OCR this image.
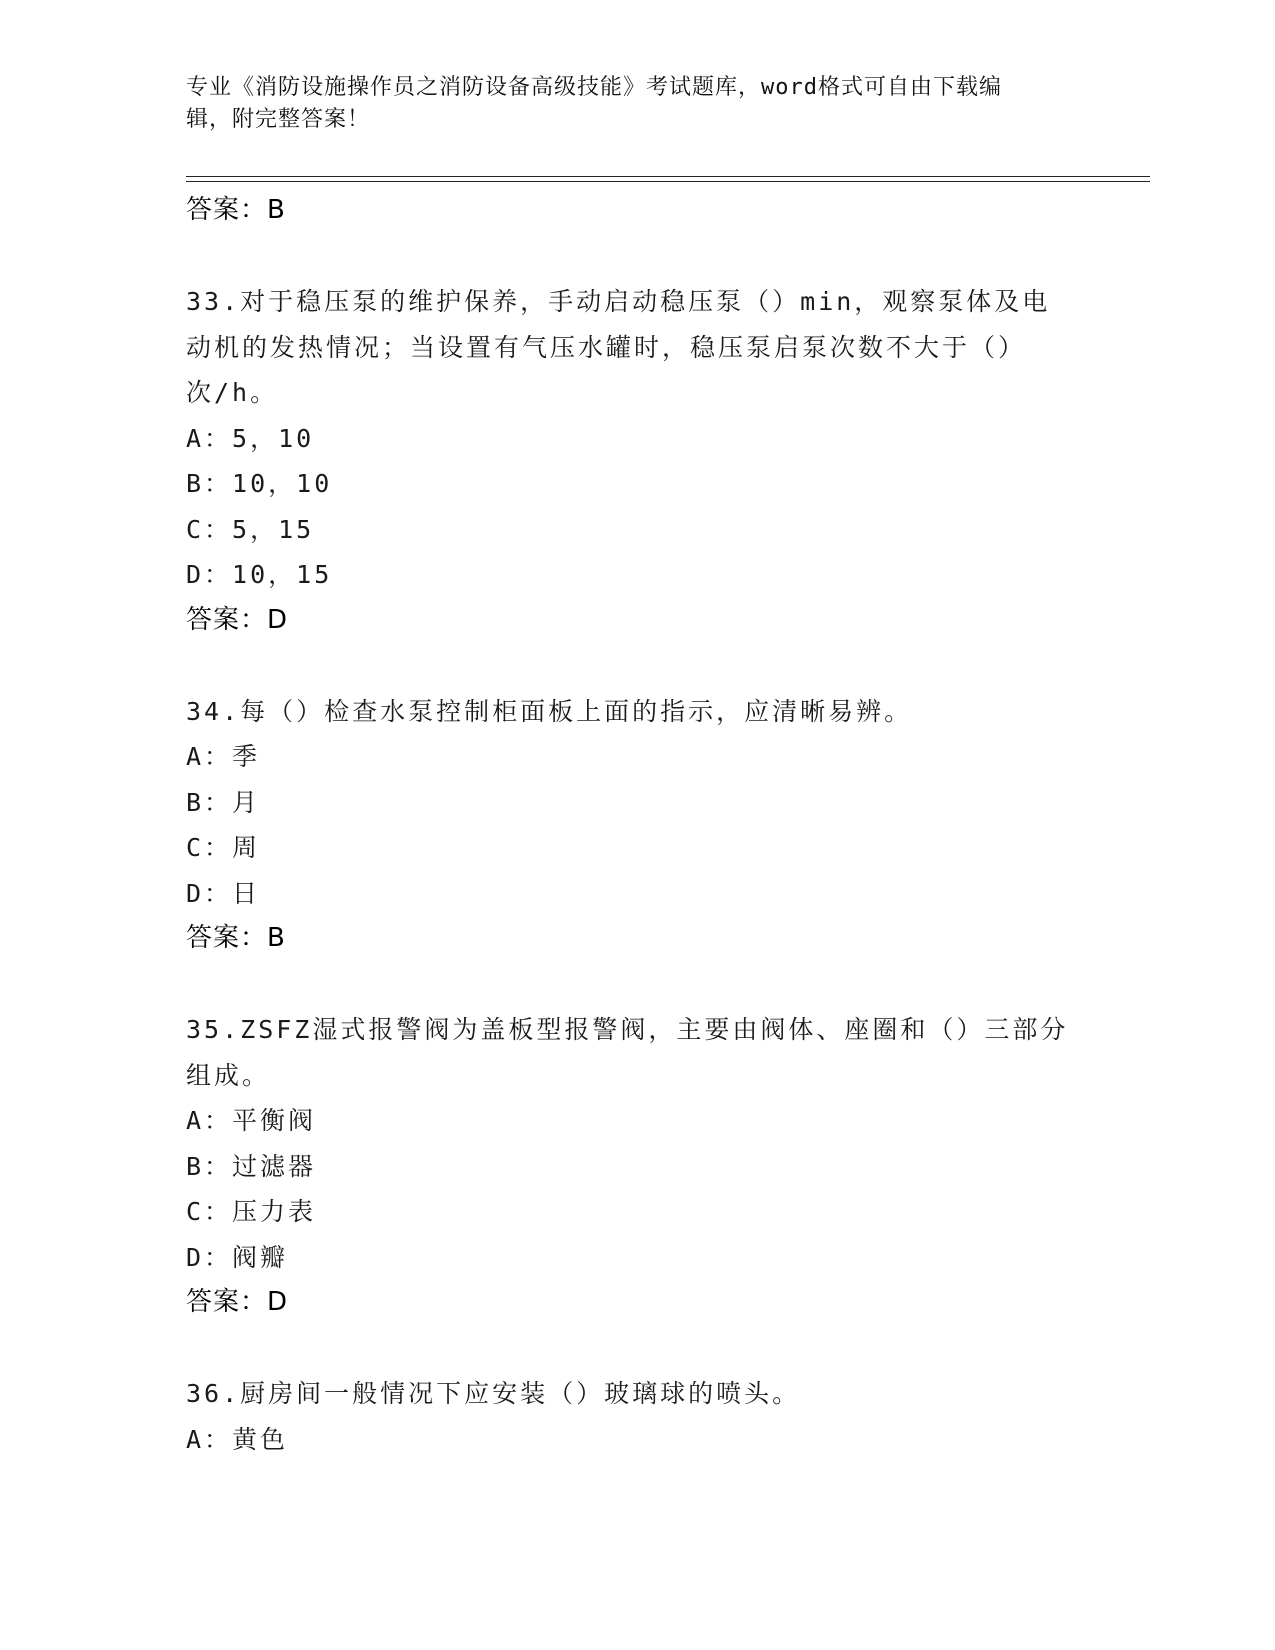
专业《消防设施操作员之消防设备高级技能》考试题库，word格式可自由下载编
辑，附完整答案！
答案：B
33.对于稳压泵的维护保养，手动启动稳压泵（）min，观察泵体及电
动机的发热情况；当设置有气压水罐时，稳压泵启泵次数不大于（）
次/h。
A：5，10
B：10，10
C：5，15
D：10，15
答案：D
34.每（）检查水泵控制柜面板上面的指示，应清晰易辨。
A：季
B：月
C：周
D：日
答案：B
35.ZSFZ湿式报警阀为盖板型报警阀，主要由阀体、座圈和（）三部分
组成。
A：平衡阀
B：过滤器
C：压力表
D：阀瓣
答案：D
36.厨房间一般情况下应安装（）玻璃球的喷头。
A：黄色
